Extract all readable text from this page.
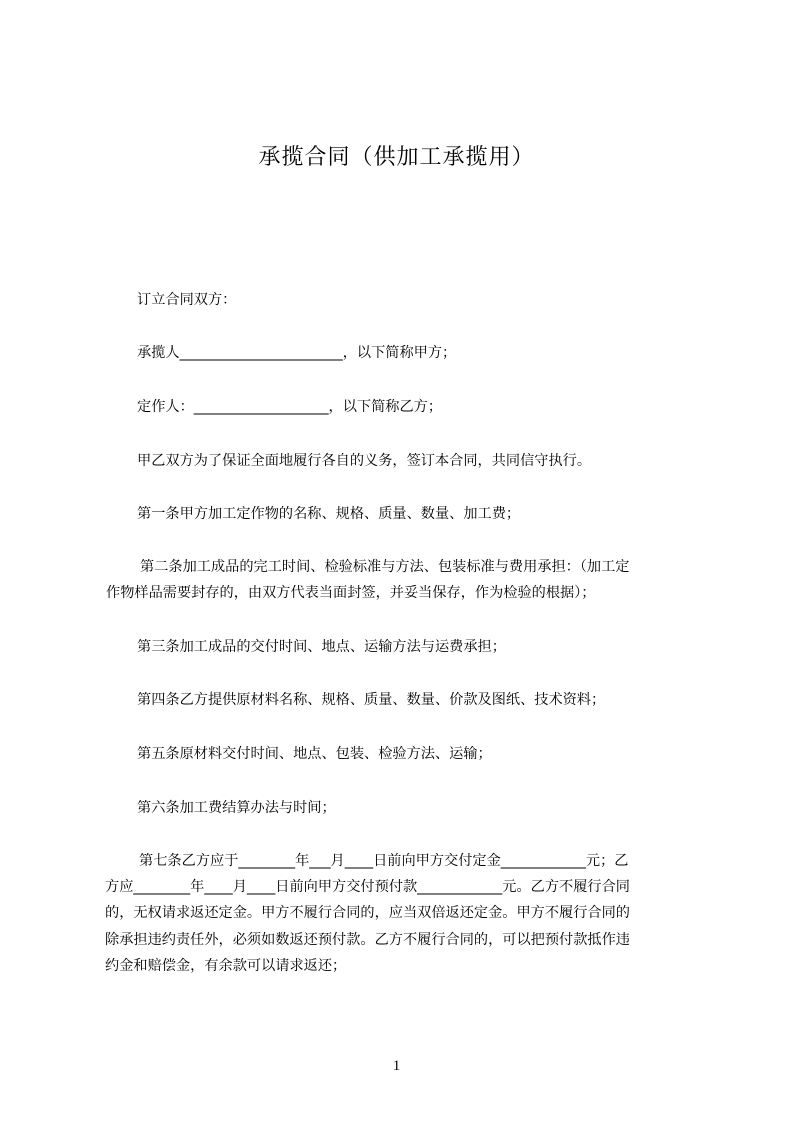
承揽合同（供加工承揽用）
订立合同双方：
承揽人_______________________，以下简称甲方；
定作人：___________________，以下简称乙方；
甲乙双方为了保证全面地履行各自的义务，签订本合同，共同信守执行。
第一条甲方加工定作物的名称、规格、质量、数量、加工费；
第二条加工成品的完工时间、检验标准与方法、包装标准与费用承担：（加工定
作物样品需要封存的，由双方代表当面封签，并妥当保存，作为检验的根据）；
第三条加工成品的交付时间、地点、运输方法与运费承担；
第四条乙方提供原材料名称、规格、质量、数量、价款及图纸、技术资料；
第五条原材料交付时间、地点、包装、检验方法、运输；
第六条加工费结算办法与时间；
第七条乙方应于________年___月____日前向甲方交付定金____________元；乙
方应________年____月____日前向甲方交付预付款____________元。乙方不履行合同
的，无权请求返还定金。甲方不履行合同的，应当双倍返还定金。甲方不履行合同的
除承担违约责任外，必须如数返还预付款。乙方不履行合同的，可以把预付款抵作违
约金和赔偿金，有余款可以请求返还；
1
